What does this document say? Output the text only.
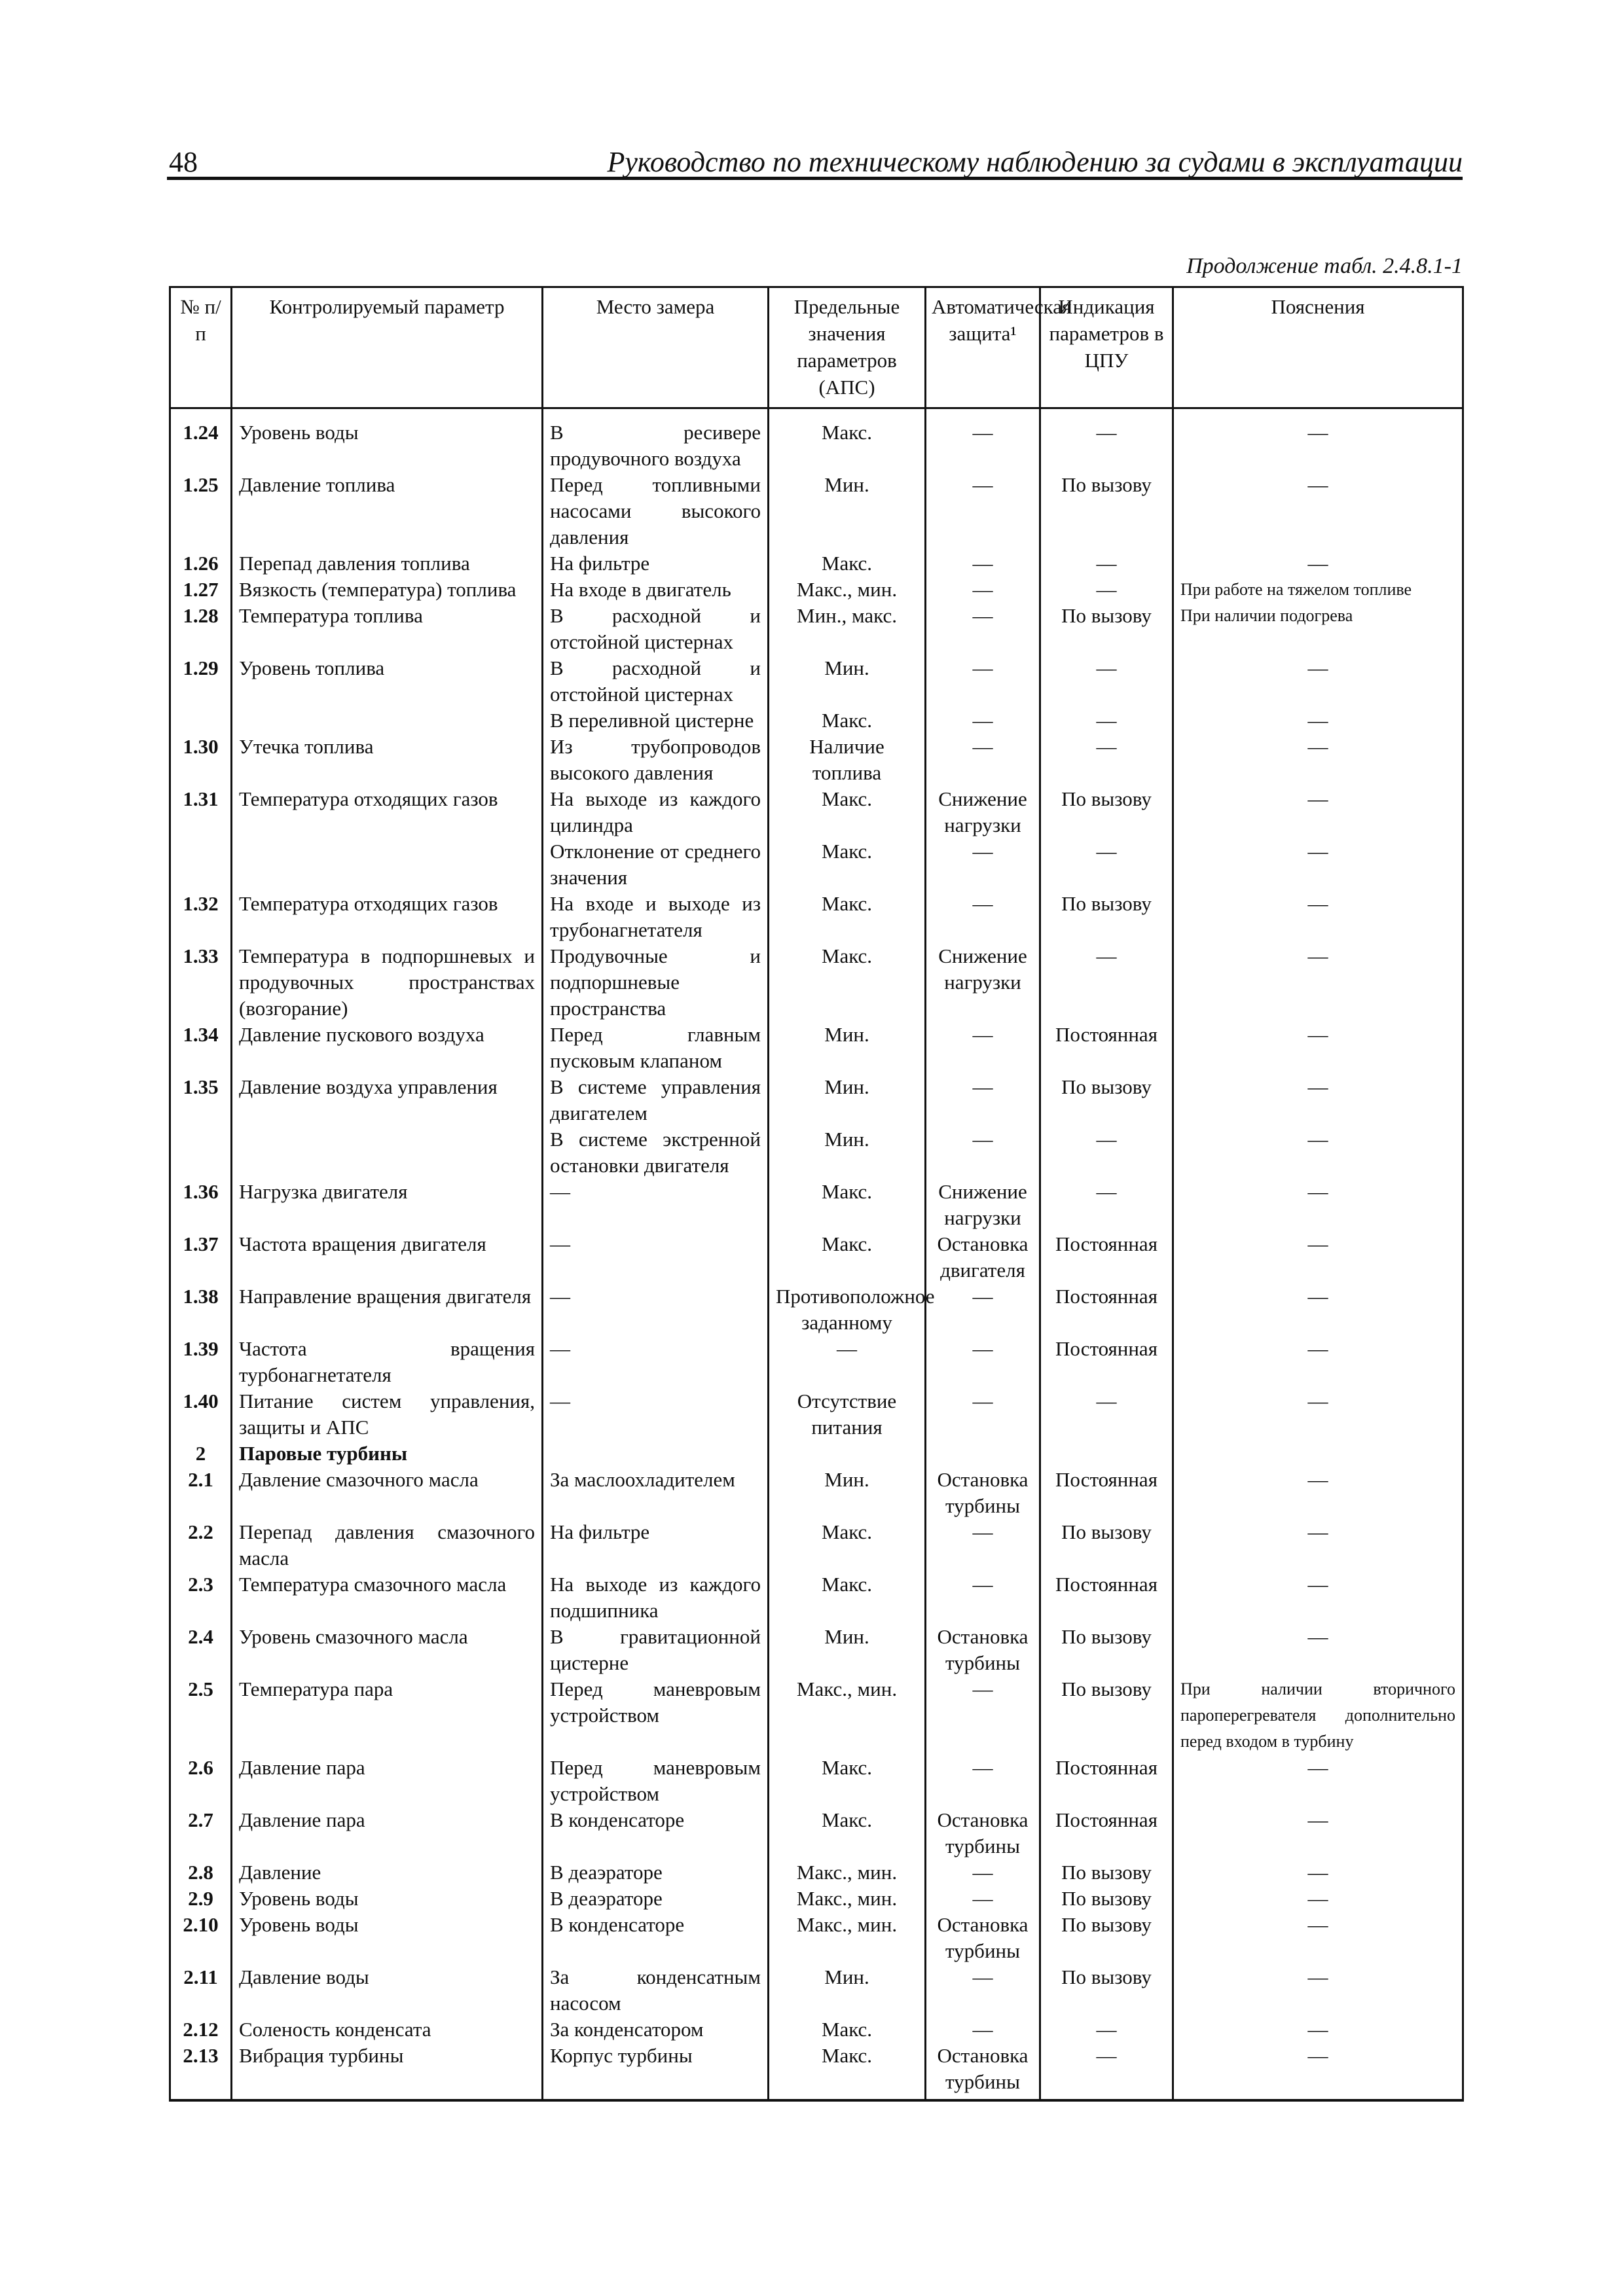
48	Руководство по техническому наблюдению за судами в эксплуатации
Продолжение табл. 2.4.8.1-1
№ п/п	Контролируемый параметр	Место замера	Предельные значения параметров (АПС)	Автоматическая защита¹	Индикация параметров в ЦПУ	Пояснения
1.24	Уровень воды	В ресивере продувочного воздуха	Макс.	—	—	—
1.25	Давление топлива	Перед топливными насосами высокого давления	Мин.	—	По вызову	—
1.26	Перепад давления топлива	На фильтре	Макс.	—	—	—
1.27	Вязкость (температура) топлива	На входе в двигатель	Макс., мин.	—	—	При работе на тяжелом топливе
1.28	Температура топлива	В расходной и отстойной цистернах	Мин., макс.	—	По вызову	При наличии подогрева
1.29	Уровень топлива	В расходной и отстойной цистернах	Мин.	—	—	—
		В переливной цистерне	Макс.	—	—	—
1.30	Утечка топлива	Из трубопроводов высокого давления	Наличие топлива	—	—	—
1.31	Температура отходящих газов	На выходе из каждого цилиндра	Макс.	Снижение нагрузки	По вызову	—
		Отклонение от среднего значения	Макс.	—	—	—
1.32	Температура отходящих газов	На входе и выходе из трубонагнетателя	Макс.	—	По вызову	—
1.33	Температура в подпоршневых и продувочных пространствах (возгорание)	Продувочные и подпоршневые пространства	Макс.	Снижение нагрузки	—	—
1.34	Давление пускового воздуха	Перед главным пусковым клапаном	Мин.	—	Постоянная	—
1.35	Давление воздуха управления	В системе управления двигателем	Мин.	—	По вызову	—
		В системе экстренной остановки двигателя	Мин.	—	—	—
1.36	Нагрузка двигателя	—	Макс.	Снижение нагрузки	—	—
1.37	Частота вращения двигателя	—	Макс.	Остановка двигателя	Постоянная	—
1.38	Направление вращения двигателя	—	Противоположное заданному	—	Постоянная	—
1.39	Частота вращения турбонагнетателя	—	—	—	Постоянная	—
1.40	Питание систем управления, защиты и АПС	—	Отсутствие питания	—	—	—
2	Паровые турбины					
2.1	Давление смазочного масла	За маслоохладителем	Мин.	Остановка турбины	Постоянная	—
2.2	Перепад давления смазочного масла	На фильтре	Макс.	—	По вызову	—
2.3	Температура смазочного масла	На выходе из каждого подшипника	Макс.	—	Постоянная	—
2.4	Уровень смазочного масла	В гравитационной цистерне	Мин.	Остановка турбины	По вызову	—
2.5	Температура пара	Перед маневровым устройством	Макс., мин.	—	По вызову	При наличии вторичного пароперегревателя дополнительно перед входом в турбину
2.6	Давление пара	Перед маневровым устройством	Макс.	—	Постоянная	—
2.7	Давление пара	В конденсаторе	Макс.	Остановка турбины	Постоянная	—
2.8	Давление	В деаэраторе	Макс., мин.	—	По вызову	—
2.9	Уровень воды	В деаэраторе	Макс., мин.	—	По вызову	—
2.10	Уровень воды	В конденсаторе	Макс., мин.	Остановка турбины	По вызову	—
2.11	Давление воды	За конденсатным насосом	Мин.	—	По вызову	—
2.12	Соленость конденсата	За конденсатором	Макс.	—	—	—
2.13	Вибрация турбины	Корпус турбины	Макс.	Остановка турбины	—	—
